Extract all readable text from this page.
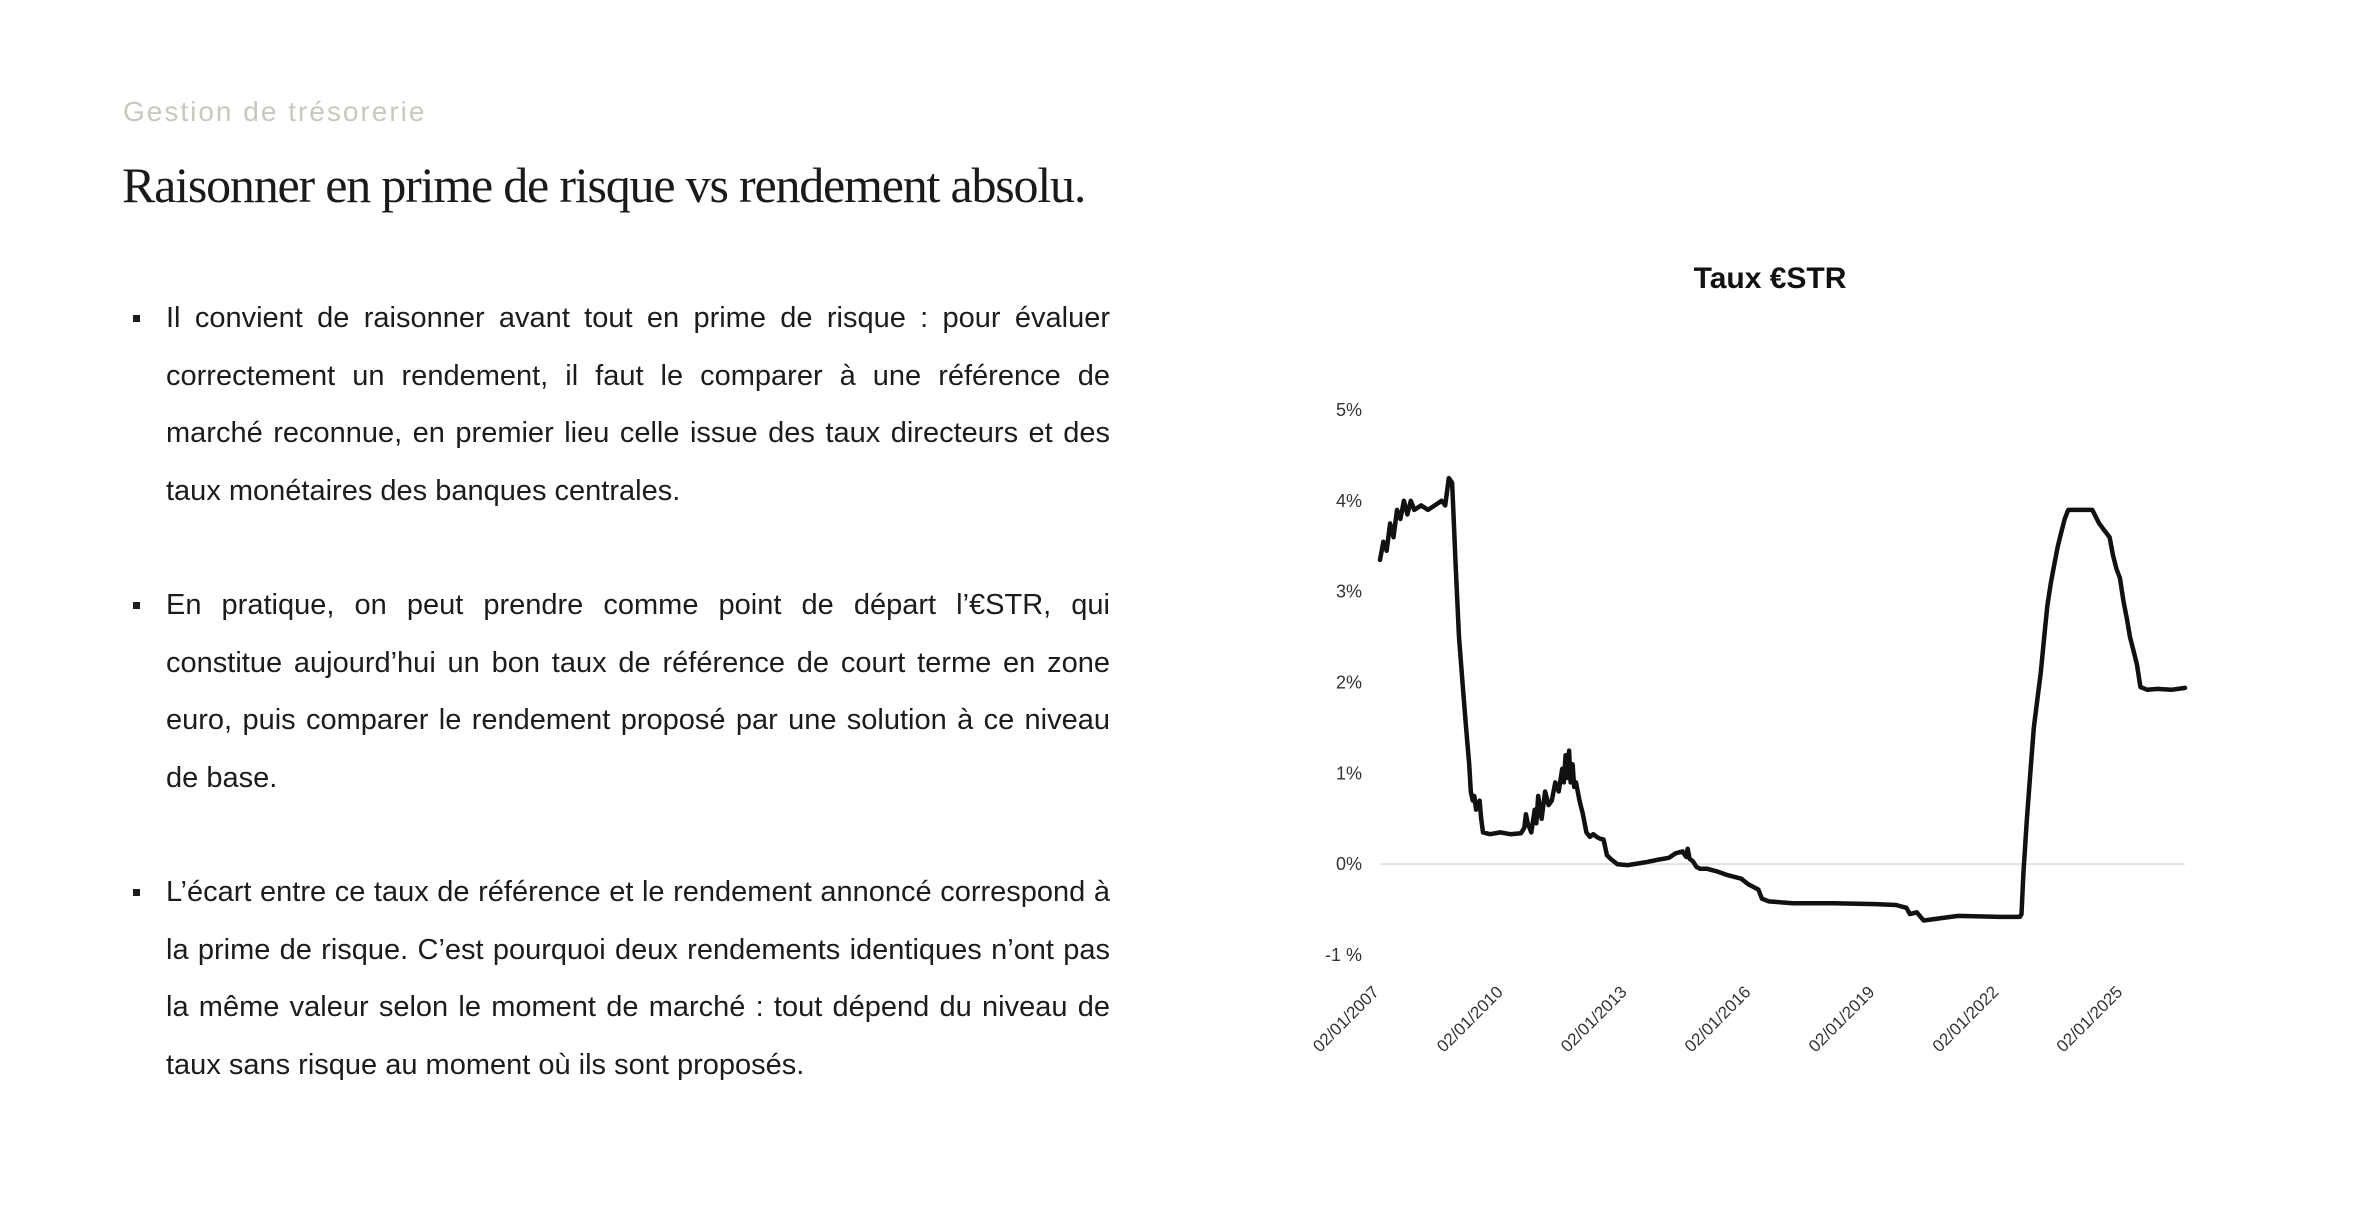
Gestion de trésorerie
Raisonner en prime de risque vs rendement absolu.
Il convient de raisonner avant tout en prime de risque : pour évaluer correctement un rendement, il faut le comparer à une référence de marché reconnue, en premier lieu celle issue des taux directeurs et des taux monétaires des banques centrales.
En pratique, on peut prendre comme point de départ l’€STR, qui constitue aujourd’hui un bon taux de référence de court terme en zone euro, puis comparer le rendement proposé par une solution à ce niveau de base.
L’écart entre ce taux de référence et le rendement annoncé correspond à la prime de risque. C’est pourquoi deux rendements identiques n’ont pas la même valeur selon le moment de marché : tout dépend du niveau de taux sans risque au moment où ils sont proposés.
Taux €STR
-1 %
0%
1%
2%
3%
4%
5%
02/01/2007	02/01/2010	02/01/2013	02/01/2016	02/01/2019	02/01/2022	02/01/2025
